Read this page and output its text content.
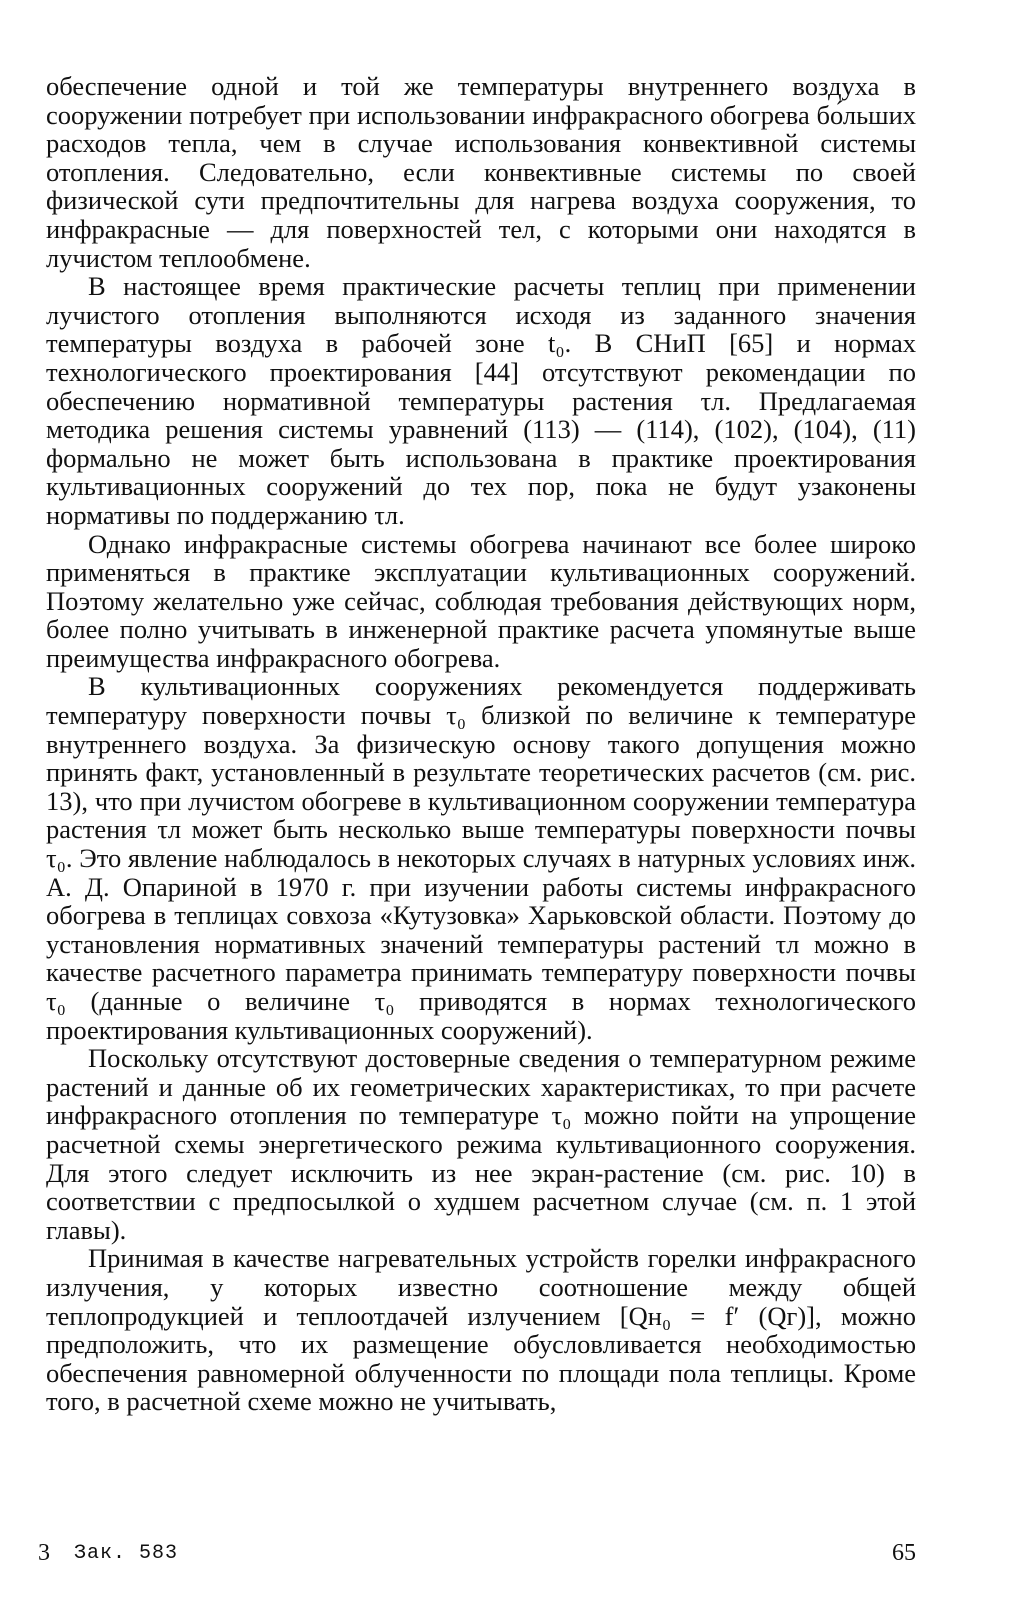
обеспечение одной и той же температуры внутреннего воздуха в сооружении потребует при использовании инфракрасного обогрева бо́льших расходов тепла, чем в случае использования конвективной системы отопления. Следовательно, если конвективные системы по своей физической сути предпочтительны для нагрева воздуха сооружения, то инфракрасные — для поверхностей тел, с которыми они находятся в лучистом теплообмене.

В настоящее время практические расчеты теплиц при применении лучистого отопления выполняются исходя из заданного значения температуры воздуха в рабочей зоне t₀. В СНиП [65] и нормах технологического проектирования [44] отсутствуют рекомендации по обеспечению нормативной температуры растения τл. Предлагаемая методика решения системы уравнений (113) — (114), (102), (104), (11) формально не может быть использована в практике проектирования культивационных сооружений до тех пор, пока не будут узаконены нормативы по поддержанию τл.

Однако инфракрасные системы обогрева начинают все более широко применяться в практике эксплуатации культивационных сооружений. Поэтому желательно уже сейчас, соблюдая требования действующих норм, более полно учитывать в инженерной практике расчета упомянутые выше преимущества инфракрасного обогрева.

В культивационных сооружениях рекомендуется поддерживать температуру поверхности почвы τ₀ близкой по величине к температуре внутреннего воздуха. За физическую основу такого допущения можно принять факт, установленный в результате теоретических расчетов (см. рис. 13), что при лучистом обогреве в культивационном сооружении температура растения τл может быть несколько выше температуры поверхности почвы τ₀. Это явление наблюдалось в некоторых случаях в натурных условиях инж. А. Д. Опариной в 1970 г. при изучении работы системы инфракрасного обогрева в теплицах совхоза «Кутузовка» Харьковской области. Поэтому до установления нормативных значений температуры растений τл можно в качестве расчетного параметра принимать температуру поверхности почвы τ₀ (данные о величине τ₀ приводятся в нормах технологического проектирования культивационных сооружений).

Поскольку отсутствуют достоверные сведения о температурном режиме растений и данные об их геометрических характеристиках, то при расчете инфракрасного отопления по температуре τ₀ можно пойти на упрощение расчетной схемы энергетического режима культивационного сооружения. Для этого следует исключить из нее экран-растение (см. рис. 10) в соответствии с предпосылкой о худшем расчетном случае (см. п. 1 этой главы).

Принимая в качестве нагревательных устройств горелки инфракрасного излучения, у которых известно соотношение между общей теплопродукцией и теплоотдачей излучением [Qн₀ = f′ (Qг)], можно предположить, что их размещение обусловливается необходимостью обеспечения равномерной облученности по площади пола теплицы. Кроме того, в расчетной схеме можно не учитывать,

3 Зак. 583	65
